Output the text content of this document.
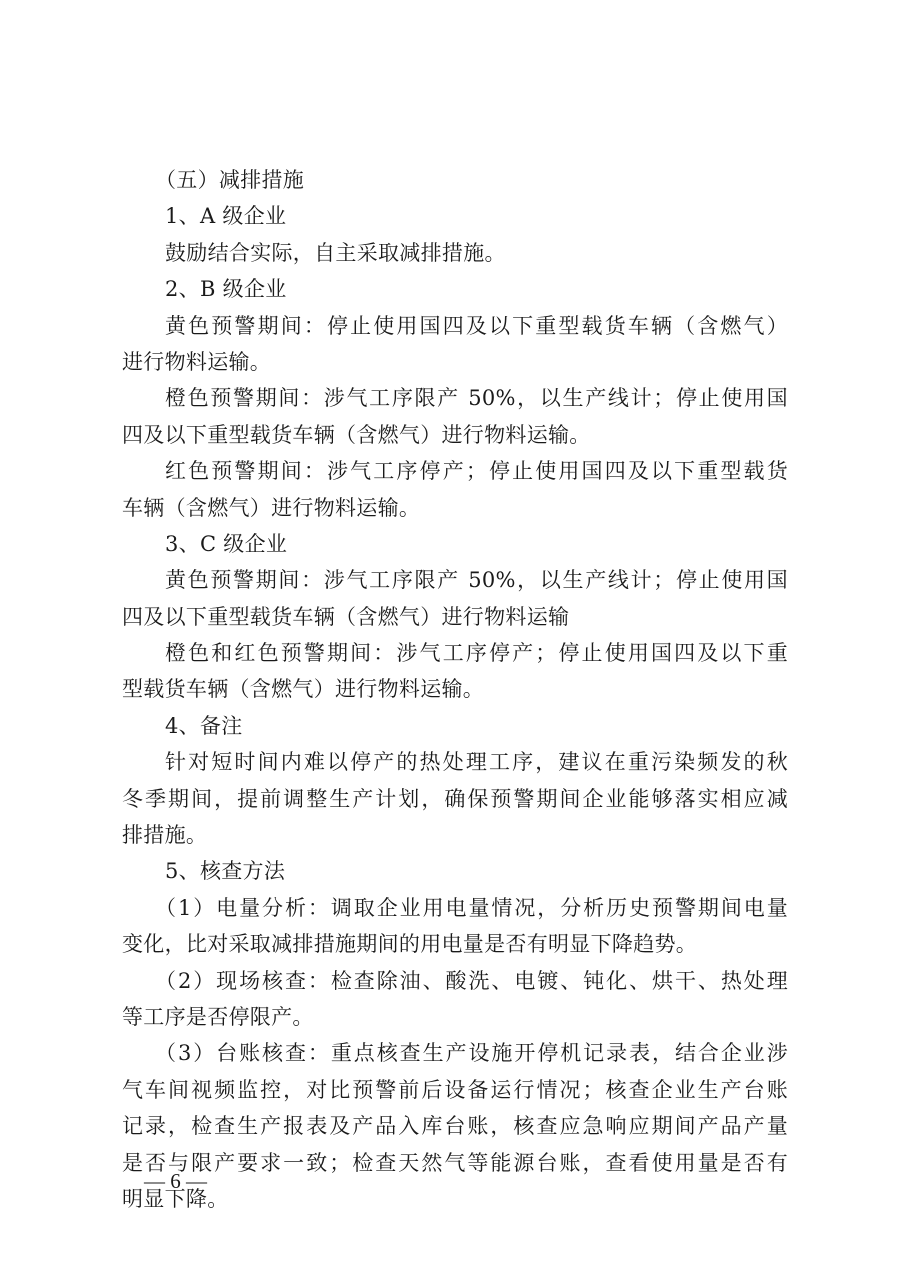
（五）减排措施
1、A 级企业
鼓励结合实际，自主采取减排措施。
2、B 级企业
黄色预警期间：停止使用国四及以下重型载货车辆（含燃气）
进行物料运输。
橙色预警期间：涉气工序限产 50%，以生产线计；停止使用国
四及以下重型载货车辆（含燃气）进行物料运输。
红色预警期间：涉气工序停产；停止使用国四及以下重型载货
车辆（含燃气）进行物料运输。
3、C 级企业
黄色预警期间：涉气工序限产 50%，以生产线计；停止使用国
四及以下重型载货车辆（含燃气）进行物料运输
橙色和红色预警期间：涉气工序停产；停止使用国四及以下重
型载货车辆（含燃气）进行物料运输。
4、备注
针对短时间内难以停产的热处理工序，建议在重污染频发的秋
冬季期间，提前调整生产计划，确保预警期间企业能够落实相应减
排措施。
5、核查方法
（1）电量分析：调取企业用电量情况，分析历史预警期间电量
变化，比对采取减排措施期间的用电量是否有明显下降趋势。
（2）现场核查：检查除油、酸洗、电镀、钝化、烘干、热处理
等工序是否停限产。
（3）台账核查：重点核查生产设施开停机记录表，结合企业涉
气车间视频监控，对比预警前后设备运行情况；核查企业生产台账
记录，检查生产报表及产品入库台账，核查应急响应期间产品产量
是否与限产要求一致；检查天然气等能源台账，查看使用量是否有
明显下降。
— 6 —
